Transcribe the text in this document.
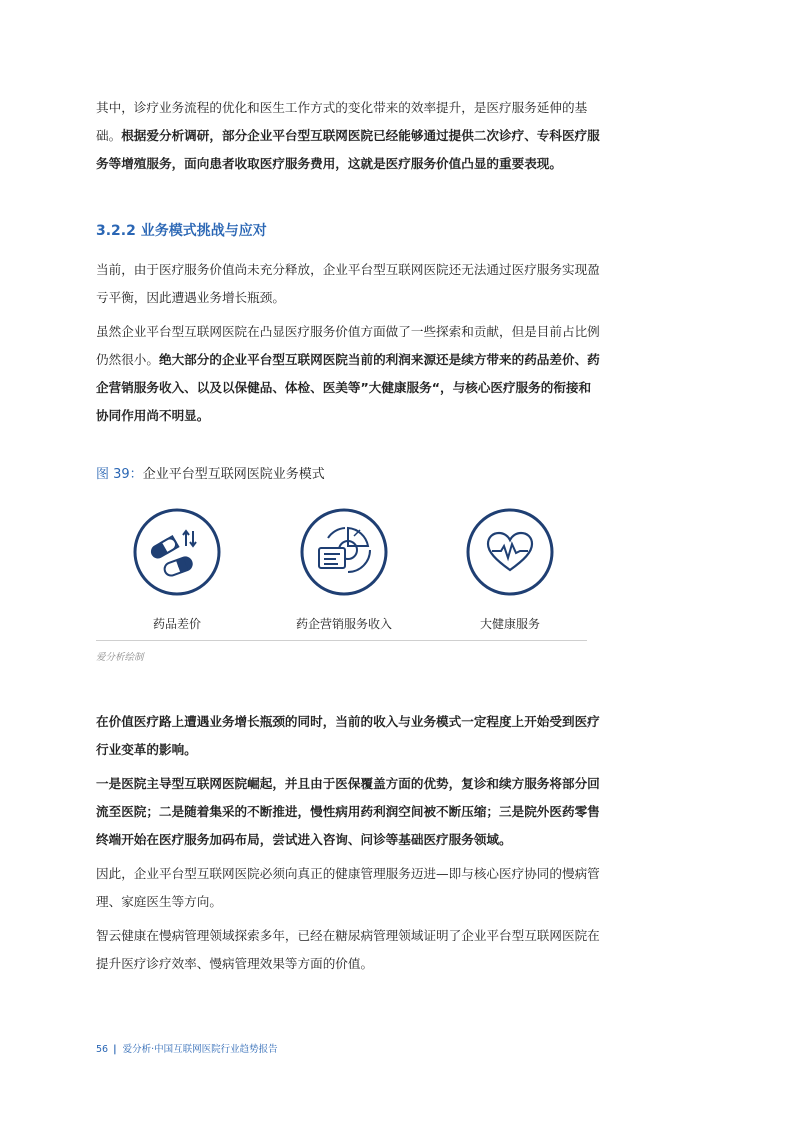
其中，诊疗业务流程的优化和医生工作方式的变化带来的效率提升，是医疗服务延伸的基础。根据爱分析调研，部分企业平台型互联网医院已经能够通过提供二次诊疗、专科医疗服务等增殖服务，面向患者收取医疗服务费用，这就是医疗服务价值凸显的重要表现。

3.2.2 业务模式挑战与应对

当前，由于医疗服务价值尚未充分释放，企业平台型互联网医院还无法通过医疗服务实现盈亏平衡，因此遭遇业务增长瓶颈。

虽然企业平台型互联网医院在凸显医疗服务价值方面做了一些探索和贡献，但是目前占比例仍然很小。绝大部分的企业平台型互联网医院当前的利润来源还是续方带来的药品差价、药企营销服务收入、以及以保健品、体检、医美等”大健康服务“，与核心医疗服务的衔接和协同作用尚不明显。

图 39：企业平台型互联网医院业务模式
药品差价	药企营销服务收入	大健康服务
爱分析绘制

在价值医疗路上遭遇业务增长瓶颈的同时，当前的收入与业务模式一定程度上开始受到医疗行业变革的影响。

一是医院主导型互联网医院崛起，并且由于医保覆盖方面的优势，复诊和续方服务将部分回流至医院；二是随着集采的不断推进，慢性病用药利润空间被不断压缩；三是院外医药零售终端开始在医疗服务加码布局，尝试进入咨询、问诊等基础医疗服务领域。

因此，企业平台型互联网医院必须向真正的健康管理服务迈进—即与核心医疗协同的慢病管理、家庭医生等方向。

智云健康在慢病管理领域探索多年，已经在糖尿病管理领域证明了企业平台型互联网医院在提升医疗诊疗效率、慢病管理效果等方面的价值。

56 | 爱分析·中国互联网医院行业趋势报告
